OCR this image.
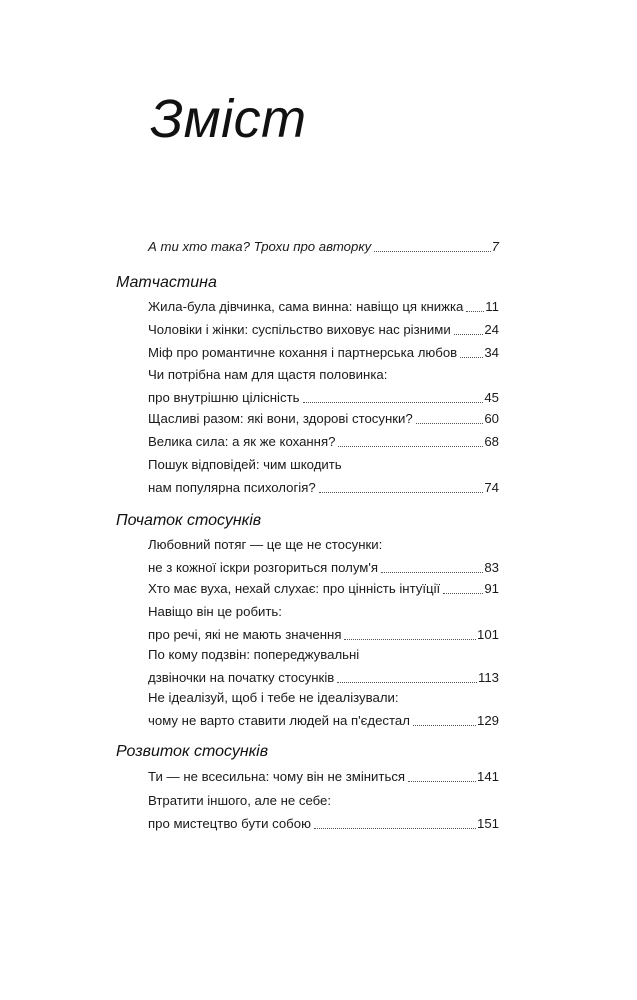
Зміст
А ти хто така? Трохи про авторку	7
Матчастина
Жила-була дівчинка, сама винна: навіщо ця книжка 11
Чоловіки і жінки: суспільство виховує нас різними	24
Міф про романтичне кохання і партнерська любов 34
Чи потрібна нам для щастя половинка:
про внутрішню цілісність	45
Щасливі разом: які вони, здорові стосунки?	60
Велика сила: а як же кохання?	68
Пошук відповідей: чим шкодить
нам популярна психологія?	74
Початок стосунків
Любовний потяг — це ще не стосунки:
не з кожної іскри розгориться полум'я	83
Хто має вуха, нехай слухає: про цінність інтуїції	91
Навіщо він це робить:
про речі, які не мають значення	101
По кому подзвін: попереджувальні
дзвіночки на початку стосунків	113
Не ідеалізуй, щоб і тебе не ідеалізували:
чому не варто ставити людей на п'єдестал	129
Розвиток стосунків
Ти — не всесильна: чому він не зміниться	141
Втратити іншого, але не себе:
про мистецтво бути собою	151
